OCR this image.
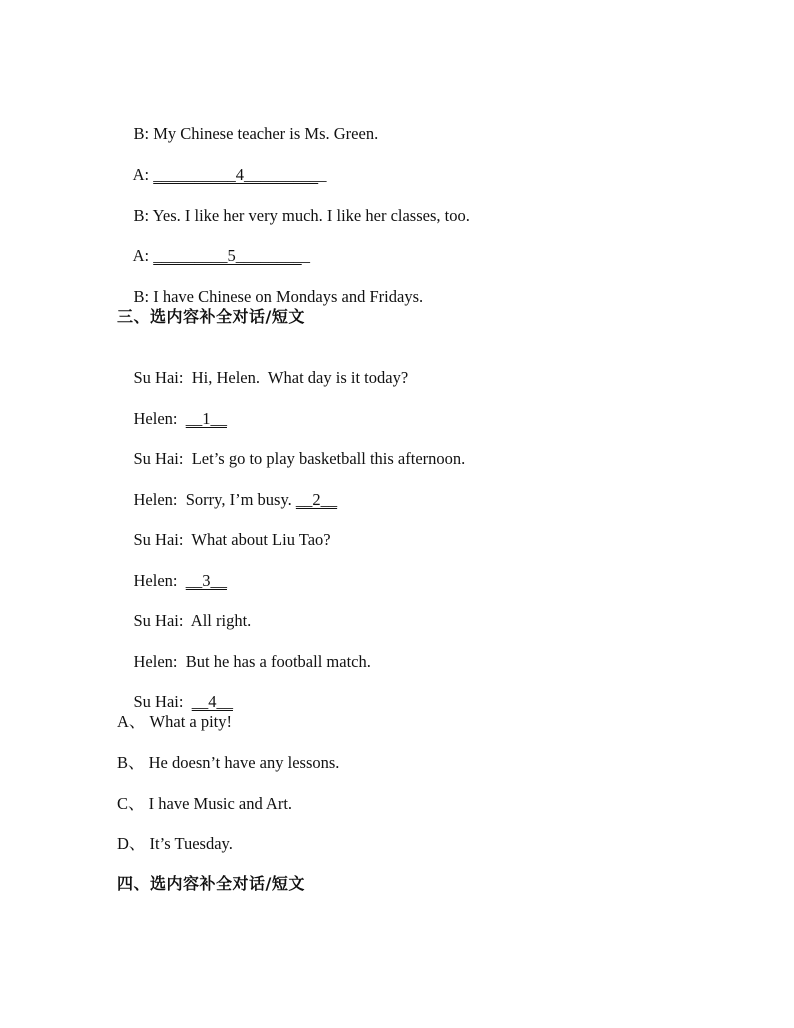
B: My Chinese teacher is Ms. Green.

A: __________4__________

B: Yes. I like her very much. I like her classes, too.

A: _________5_________

B: I have Chinese on Mondays and Fridays.

三、选内容补全对话/短文

Su Hai:  Hi, Helen.  What day is it today?

Helen:  __1__

Su Hai:  Let’s go to play basketball this afternoon.

Helen:  Sorry, I’m busy. __2__

Su Hai:  What about Liu Tao?

Helen:  __3__

Su Hai:  All right.

Helen:  But he has a football match.

Su Hai:  __4__

A、 What a pity!
B、 He doesn’t have any lessons.
C、 I have Music and Art.
D、 It’s Tuesday.
四、选内容补全对话/短文
